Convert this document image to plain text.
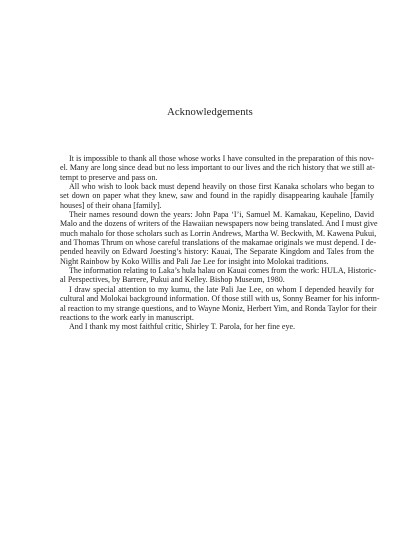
Acknowledgements

It is impossible to thank all those whose works I have consulted in the preparation of this nov-
el. Many are long since dead but no less important to our lives and the rich history that we still at-
tempt to preserve and pass on.

All who wish to look back must depend heavily on those first Kanaka scholars who began to
set down on paper what they knew, saw and found in the rapidly disappearing kauhale [family
houses] of their ohana [family].

Their names resound down the years: John Papa ‘I’i, Samuel M. Kamakau, Kepelino, David
Malo and the dozens of writers of the Hawaiian newspapers now being translated. And I must give
much mahalo for those scholars such as Lorrin Andrews, Martha W. Beckwith, M. Kawena Pukui,
and Thomas Thrum on whose careful translations of the makamae originals we must depend. I de-
pended heavily on Edward Joesting’s history: Kauai, The Separate Kingdom and Tales from the
Night Rainbow by Koko Willis and Pali Jae Lee for insight into Molokai traditions.

The information relating to Laka’s hula halau on Kauai comes from the work: HULA, Historic-
al Perspectives, by Barrere, Pukui and Kelley. Bishop Museum, 1980.

I draw special attention to my kumu, the late Pali Jae Lee, on whom I depended heavily for
cultural and Molokai background information. Of those still with us, Sonny Beamer for his inform-
al reaction to my strange questions, and to Wayne Moniz, Herbert Yim, and Ronda Taylor for their
reactions to the work early in manuscript.

And I thank my most faithful critic, Shirley T. Parola, for her fine eye.
